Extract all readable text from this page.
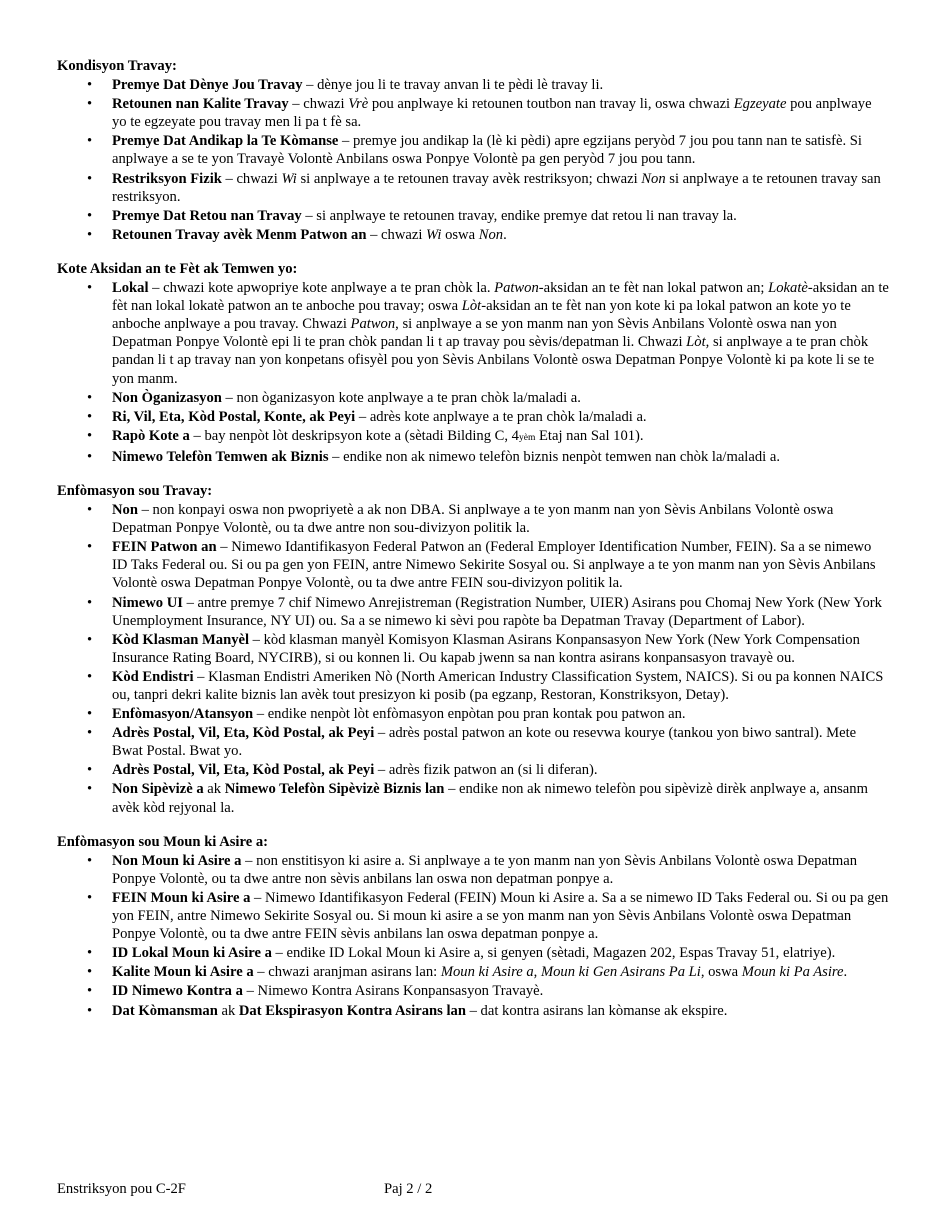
Kondisyon Travay:
• Premye Dat Dènye Jou Travay – dènye jou li te travay anvan li te pèdi lè travay li.
• Retounen nan Kalite Travay – chwazi Vrè pou anplwaye ki retounen toutbon nan travay li, oswa chwazi Egzeyate pou anplwaye yo te egzeyate pou travay men li pa t fè sa.
• Premye Dat Andikap la Te Kòmanse – premye jou andikap la (lè ki pèdi) apre egzijans peryòd 7 jou pou tann nan te satisfè. Si anplwaye a se te yon Travayè Volontè Anbilans oswa Ponpye Volontè pa gen peryòd 7 jou pou tann.
• Restriksyon Fizik – chwazi Wi si anplwaye a te retounen travay avèk restriksyon; chwazi Non si anplwaye a te retounen travay san restriksyon.
• Premye Dat Retou nan Travay – si anplwaye te retounen travay, endike premye dat retou li nan travay la.
• Retounen Travay avèk Menm Patwon an – chwazi Wi oswa Non.
Kote Aksidan an te Fèt ak Temwen yo:
• Lokal – chwazi kote apwopriye kote anplwaye a te pran chòk la. Patwon-aksidan an te fèt nan lokal patwon an; Lokatè-aksidan an te fèt nan lokal lokatè patwon an te anboche pou travay; oswa Lòt-aksidan an te fèt nan yon kote ki pa lokal patwon an kote yo te anboche anplwaye a pou travay. Chwazi Patwon, si anplwaye a se yon manm nan yon Sèvis Anbilans Volontè oswa nan yon Depatman Ponpye Volontè epi li te pran chòk pandan li t ap travay pou sèvis/depatman li. Chwazi Lòt, si anplwaye a te pran chòk pandan li t ap travay nan yon konpetans ofisyèl pou yon Sèvis Anbilans Volontè oswa Depatman Ponpye Volontè ki pa kote li se te yon manm.
• Non Òganizasyon – non òganizasyon kote anplwaye a te pran chòk la/maladi a.
• Ri, Vil, Eta, Kòd Postal, Konte, ak Peyi – adrès kote anplwaye a te pran chòk la/maladi a.
• Rapò Kote a – bay nenpòt lòt deskripsyon kote a (sètadi Bilding C, 4yèm Etaj nan Sal 101).
• Nimewo Telefòn Temwen ak Biznis – endike non ak nimewo telefòn biznis nenpòt temwen nan chòk la/maladi a.
Enfòmasyon sou Travay:
• Non – non konpayi oswa non pwopriyetè a ak non DBA. Si anplwaye a te yon manm nan yon Sèvis Anbilans Volontè oswa Depatman Ponpye Volontè, ou ta dwe antre non sou-divizyon politik la.
• FEIN Patwon an – Nimewo Idantifikasyon Federal Patwon an (Federal Employer Identification Number, FEIN). Sa a se nimewo ID Taks Federal ou. Si ou pa gen yon FEIN, antre Nimewo Sekirite Sosyal ou. Si anplwaye a te yon manm nan yon Sèvis Anbilans Volontè oswa Depatman Ponpye Volontè, ou ta dwe antre FEIN sou-divizyon politik la.
• Nimewo UI – antre premye 7 chif Nimewo Anrejistreman (Registration Number, UIER) Asirans pou Chomaj New York (New York Unemployment Insurance, NY UI) ou. Sa a se nimewo ki sèvi pou rapòte ba Depatman Travay (Department of Labor).
• Kòd Klasman Manyèl – kòd klasman manyèl Komisyon Klasman Asirans Konpansasyon New York (New York Compensation Insurance Rating Board, NYCIRB), si ou konnen li. Ou kapab jwenn sa nan kontra asirans konpansasyon travayè ou.
• Kòd Endistri – Klasman Endistri Ameriken Nò (North American Industry Classification System, NAICS). Si ou pa konnen NAICS ou, tanpri dekri kalite biznis lan avèk tout presizyon ki posib (pa egzanp, Restoran, Konstriksyon, Detay).
• Enfòmasyon/Atansyon – endike nenpòt lòt enfòmasyon enpòtan pou pran kontak pou patwon an.
• Adrès Postal, Vil, Eta, Kòd Postal, ak Peyi – adrès postal patwon an kote ou resevwa kourye (tankou yon biwo santral). Mete Bwat Postal. Bwat yo.
• Adrès Postal, Vil, Eta, Kòd Postal, ak Peyi – adrès fizik patwon an (si li diferan).
• Non Sipèvizè a ak Nimewo Telefòn Sipèvizè Biznis lan – endike non ak nimewo telefòn pou sipèvizè dirèk anplwaye a, ansanm avèk kòd rejyonal la.
Enfòmasyon sou Moun ki Asire a:
• Non Moun ki Asire a – non enstitisyon ki asire a. Si anplwaye a te yon manm nan yon Sèvis Anbilans Volontè oswa Depatman Ponpye Volontè, ou ta dwe antre non sèvis anbilans lan oswa non depatman ponpye a.
• FEIN Moun ki Asire a – Nimewo Idantifikasyon Federal (FEIN) Moun ki Asire a. Sa a se nimewo ID Taks Federal ou. Si ou pa gen yon FEIN, antre Nimewo Sekirite Sosyal ou. Si moun ki asire a se yon manm nan yon Sèvis Anbilans Volontè oswa Depatman Ponpye Volontè, ou ta dwe antre FEIN sèvis anbilans lan oswa depatman ponpye a.
• ID Lokal Moun ki Asire a – endike ID Lokal Moun ki Asire a, si genyen (sètadi, Magazen 202, Espas Travay 51, elatriye).
• Kalite Moun ki Asire a – chwazi aranjman asirans lan: Moun ki Asire a, Moun ki Gen Asirans Pa Li, oswa Moun ki Pa Asire.
• ID Nimewo Kontra a – Nimewo Kontra Asirans Konpansasyon Travayè.
• Dat Kòmansman ak Dat Ekspirasyon Kontra Asirans lan – dat kontra asirans lan kòmanse ak ekspire.
Enstriksyon pou C-2F	Paj 2 / 2
